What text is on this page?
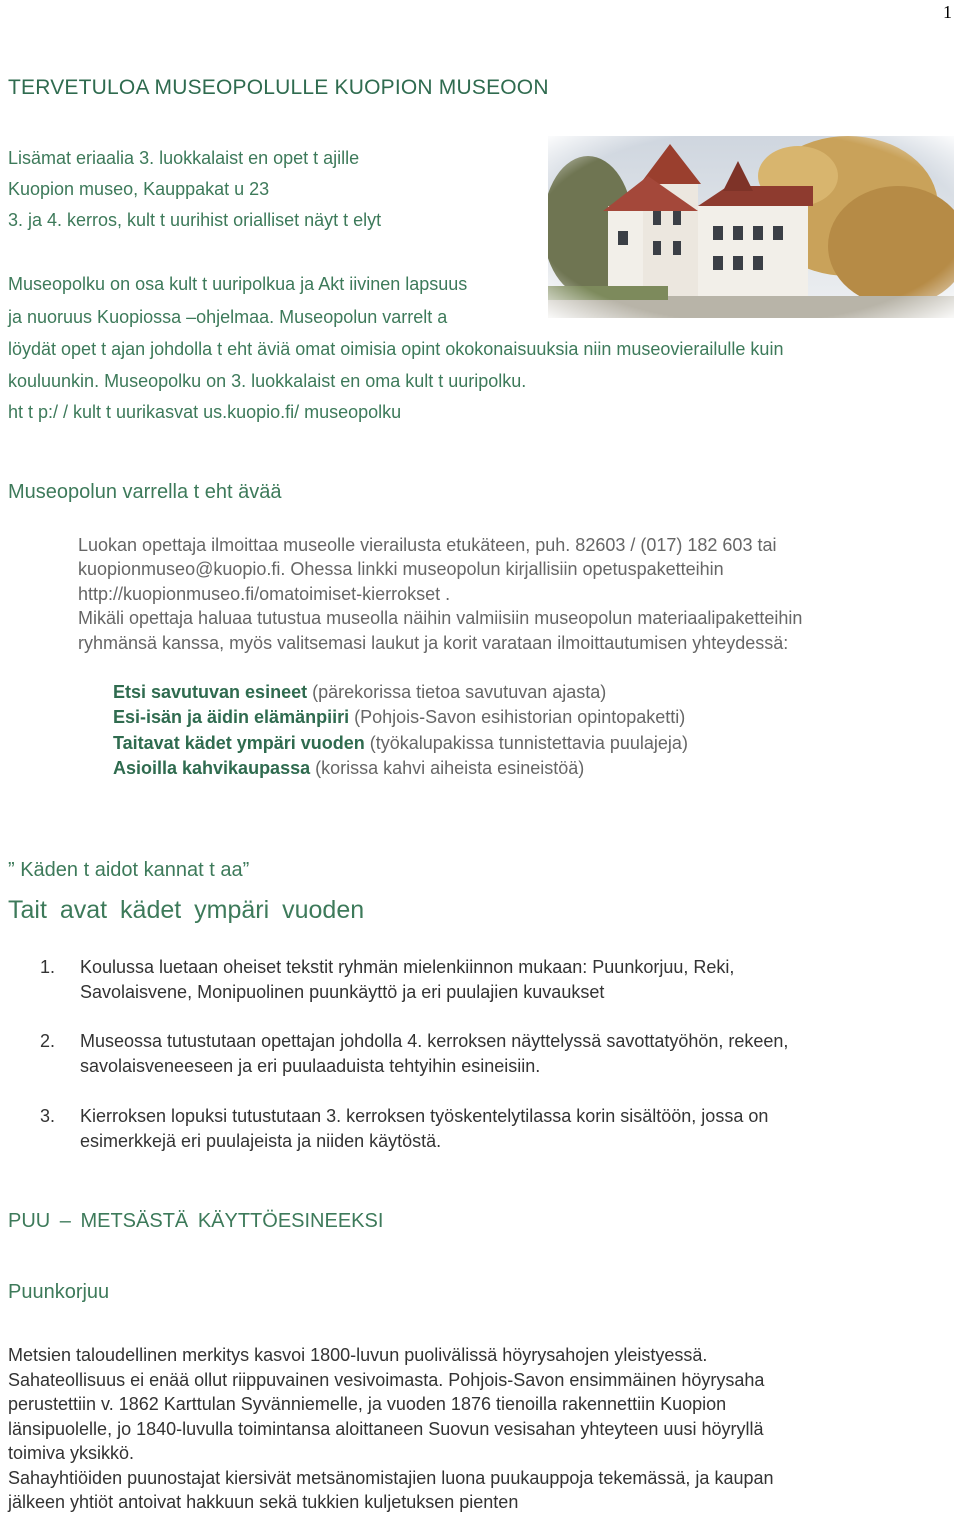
1
TERVETULOA MUSEOPOLULLE KUOPION MUSEOON
Lisämat eriaalia 3. luokkalaist en opet t ajille
Kuopion museo, Kauppakat u 23
3. ja 4. kerros, kult t uurihist orialliset näyt t elyt
Museopolku on osa kult t uuripolkua ja Akt iivinen lapsuus
ja nuoruus Kuopiossa –ohjelmaa. Museopolun varrelt a
löydät opet t ajan johdolla t eht äviä omat oimisia opint okokonaisuuksia niin museovierailulle kuin
kouluunkin. Museopolku on 3. luokkalaist en oma kult t uuripolku.
ht t p:/ / kult t uurikasvat us.kuopio.fi/ museopolku
Museopolun varrella t eht ävää
Luokan opettaja ilmoittaa museolle vierailusta etukäteen, puh. 82603 / (017) 182 603 tai
kuopionmuseo@kuopio.fi. Ohessa linkki museopolun kirjallisiin opetuspaketteihin
http://kuopionmuseo.fi/omatoimiset-kierrokset .
Mikäli opettaja haluaa tutustua museolla näihin valmiisiin museopolun materiaalipaketteihin
ryhmänsä kanssa, myös valitsemasi laukut ja korit varataan ilmoittautumisen yhteydessä:
Etsi savutuvan esineet (pärekorissa tietoa savutuvan ajasta)
Esi-isän ja äidin elämänpiiri (Pohjois-Savon esihistorian opintopaketti)
Taitavat kädet ympäri vuoden (työkalupakissa tunnistettavia puulajeja)
Asioilla kahvikaupassa (korissa kahvi aiheista esineistöä)
” Käden t aidot kannat t aa”
Tait avat kädet ympäri vuoden
1. Koulussa luetaan oheiset tekstit ryhmän mielenkiinnon mukaan: Puunkorjuu, Reki,
Savolaisvene, Monipuolinen puunkäyttö ja eri puulajien kuvaukset
2. Museossa tutustutaan opettajan johdolla 4. kerroksen näyttelyssä savottatyöhön, rekeen,
savolaisveneeseen ja eri puulaaduista tehtyihin esineisiin.
3. Kierroksen lopuksi tutustutaan 3. kerroksen työskentelytilassa korin sisältöön, jossa on
esimerkkejä eri puulajeista ja niiden käytöstä.
PUU – METSÄSTÄ KÄYTTÖESINEEKSI
Puunkorjuu
Metsien taloudellinen merkitys kasvoi 1800-luvun puolivälissä höyrysahojen yleistyessä.
Sahateollisuus ei enää ollut riippuvainen vesivoimasta. Pohjois-Savon ensimmäinen höyrysaha
perustettiin v. 1862 Karttulan Syvänniemelle, ja vuoden 1876 tienoilla rakennettiin Kuopion
länsipuolelle, jo 1840-luvulla toimintansa aloittaneen Suovun vesisahan yhteyteen uusi höyryllä
toimiva yksikkö.
Sahayhtiöiden puunostajat kiersivät metsänomistajien luona puukauppoja tekemässä, ja kaupan
jälkeen yhtiöt antoivat hakkuun sekä tukkien kuljetuksen pienten
